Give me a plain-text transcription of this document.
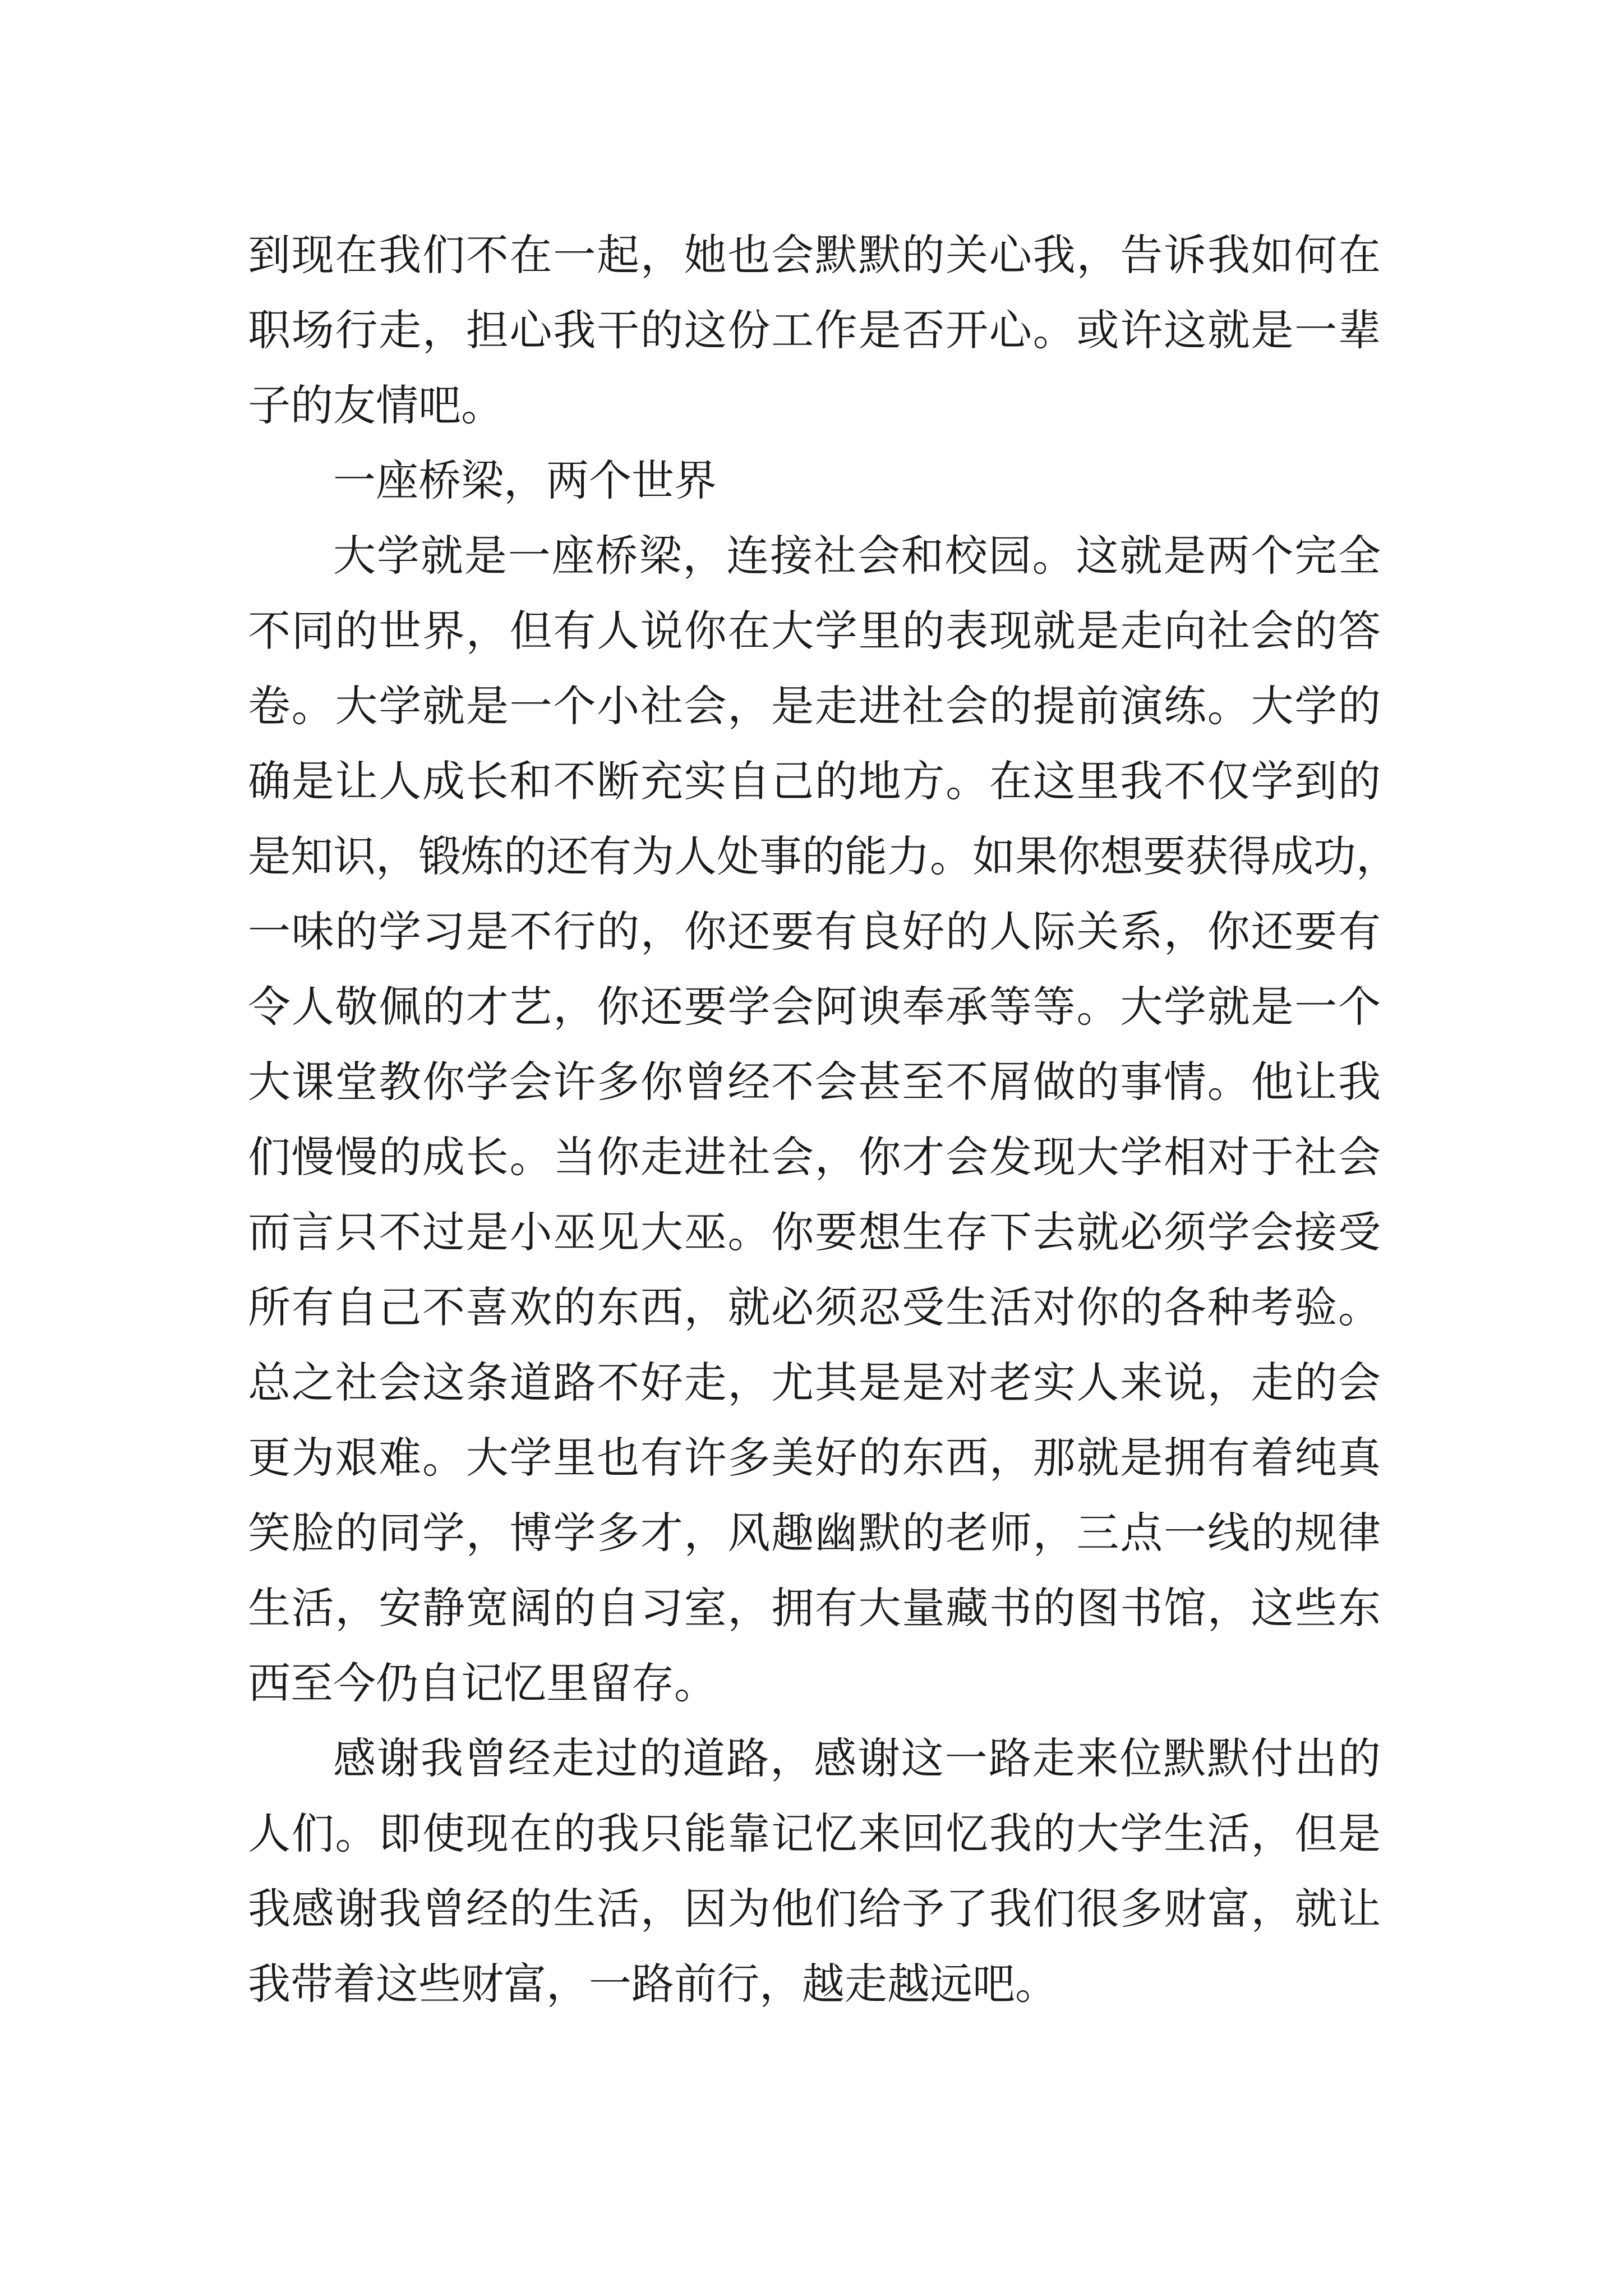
到现在我们不在一起，她也会默默的关心我，告诉我如何在
职场行走，担心我干的这份工作是否开心。或许这就是一辈
子的友情吧。
一座桥梁，两个世界
大学就是一座桥梁，连接社会和校园。这就是两个完全
不同的世界，但有人说你在大学里的表现就是走向社会的答
卷。大学就是一个小社会，是走进社会的提前演练。大学的
确是让人成长和不断充实自己的地方。在这里我不仅学到的
是知识，锻炼的还有为人处事的能力。如果你想要获得成功，
一味的学习是不行的，你还要有良好的人际关系，你还要有
令人敬佩的才艺，你还要学会阿谀奉承等等。大学就是一个
大课堂教你学会许多你曾经不会甚至不屑做的事情。他让我
们慢慢的成长。当你走进社会，你才会发现大学相对于社会
而言只不过是小巫见大巫。你要想生存下去就必须学会接受
所有自己不喜欢的东西，就必须忍受生活对你的各种考验。
总之社会这条道路不好走，尤其是是对老实人来说，走的会
更为艰难。大学里也有许多美好的东西，那就是拥有着纯真
笑脸的同学，博学多才，风趣幽默的老师，三点一线的规律
生活，安静宽阔的自习室，拥有大量藏书的图书馆，这些东
西至今仍自记忆里留存。
感谢我曾经走过的道路，感谢这一路走来位默默付出的
人们。即使现在的我只能靠记忆来回忆我的大学生活，但是
我感谢我曾经的生活，因为他们给予了我们很多财富，就让
我带着这些财富，一路前行，越走越远吧。
